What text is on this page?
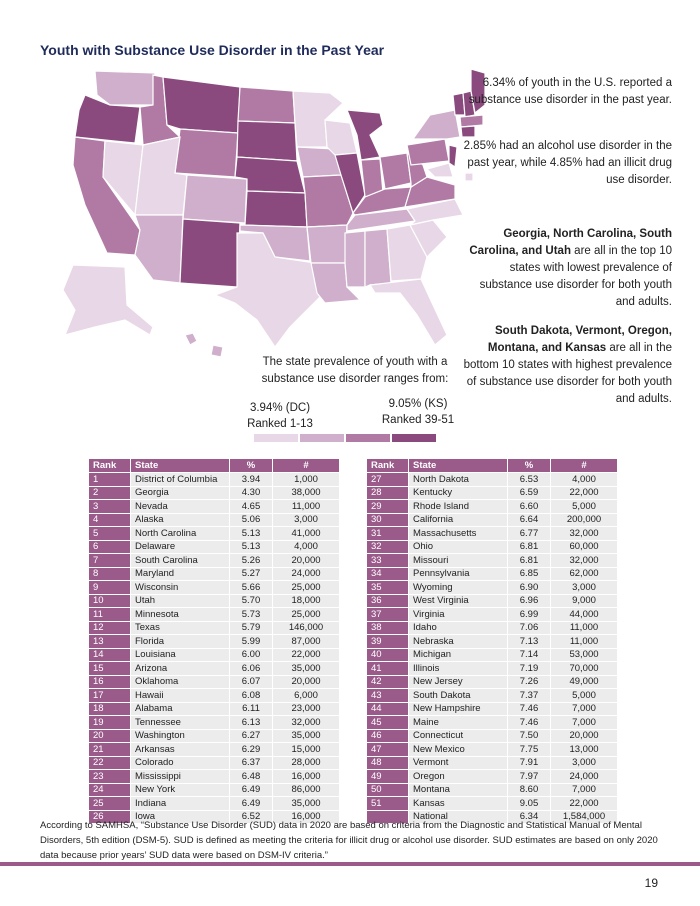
Youth with Substance Use Disorder in the Past Year

6.34% of youth in the U.S. reported a substance use disorder in the past year.

2.85% had an alcohol use disorder in the past year, while 4.85% had an illicit drug use disorder.

Georgia, North Carolina, South Carolina, and Utah are all in the top 10 states with lowest prevalence of substance use disorder for both youth and adults.

South Dakota, Vermont, Oregon, Montana, and Kansas are all in the bottom 10 states with highest prevalence of substance use disorder for both youth and adults.

The state prevalence of youth with a substance use disorder ranges from:
3.94% (DC)
Ranked 1-13
9.05% (KS)
Ranked 39-51
Rank	State	%	#
1	District of Columbia	3.94	1,000
2	Georgia	4.30	38,000
3	Nevada	4.65	11,000
4	Alaska	5.06	3,000
5	North Carolina	5.13	41,000
6	Delaware	5.13	4,000
7	South Carolina	5.26	20,000
8	Maryland	5.27	24,000
9	Wisconsin	5.66	25,000
10	Utah	5.70	18,000
11	Minnesota	5.73	25,000
12	Texas	5.79	146,000
13	Florida	5.99	87,000
14	Louisiana	6.00	22,000
15	Arizona	6.06	35,000
16	Oklahoma	6.07	20,000
17	Hawaii	6.08	6,000
18	Alabama	6.11	23,000
19	Tennessee	6.13	32,000
20	Washington	6.27	35,000
21	Arkansas	6.29	15,000
22	Colorado	6.37	28,000
23	Mississippi	6.48	16,000
24	New York	6.49	86,000
25	Indiana	6.49	35,000
26	Iowa	6.52	16,000
Rank	State	%	#
27	North Dakota	6.53	4,000
28	Kentucky	6.59	22,000
29	Rhode Island	6.60	5,000
30	California	6.64	200,000
31	Massachusetts	6.77	32,000
32	Ohio	6.81	60,000
33	Missouri	6.81	32,000
34	Pennsylvania	6.85	62,000
35	Wyoming	6.90	3,000
36	West Virginia	6.96	9,000
37	Virginia	6.99	44,000
38	Idaho	7.06	11,000
39	Nebraska	7.13	11,000
40	Michigan	7.14	53,000
41	Illinois	7.19	70,000
42	New Jersey	7.26	49,000
43	South Dakota	7.37	5,000
44	New Hampshire	7.46	7,000
45	Maine	7.46	7,000
46	Connecticut	7.50	20,000
47	New Mexico	7.75	13,000
48	Vermont	7.91	3,000
49	Oregon	7.97	24,000
50	Montana	8.60	7,000
51	Kansas	9.05	22,000
	National	6.34	1,584,000
According to SAMHSA, “Substance Use Disorder (SUD) data in 2020 are based on criteria from the Diagnostic and Statistical Manual of Mental Disorders, 5th edition (DSM-5). SUD is defined as meeting the criteria for illicit drug or alcohol use disorder. SUD estimates are based on only 2020 data because prior years’ SUD data were based on DSM-IV criteria.”
19
